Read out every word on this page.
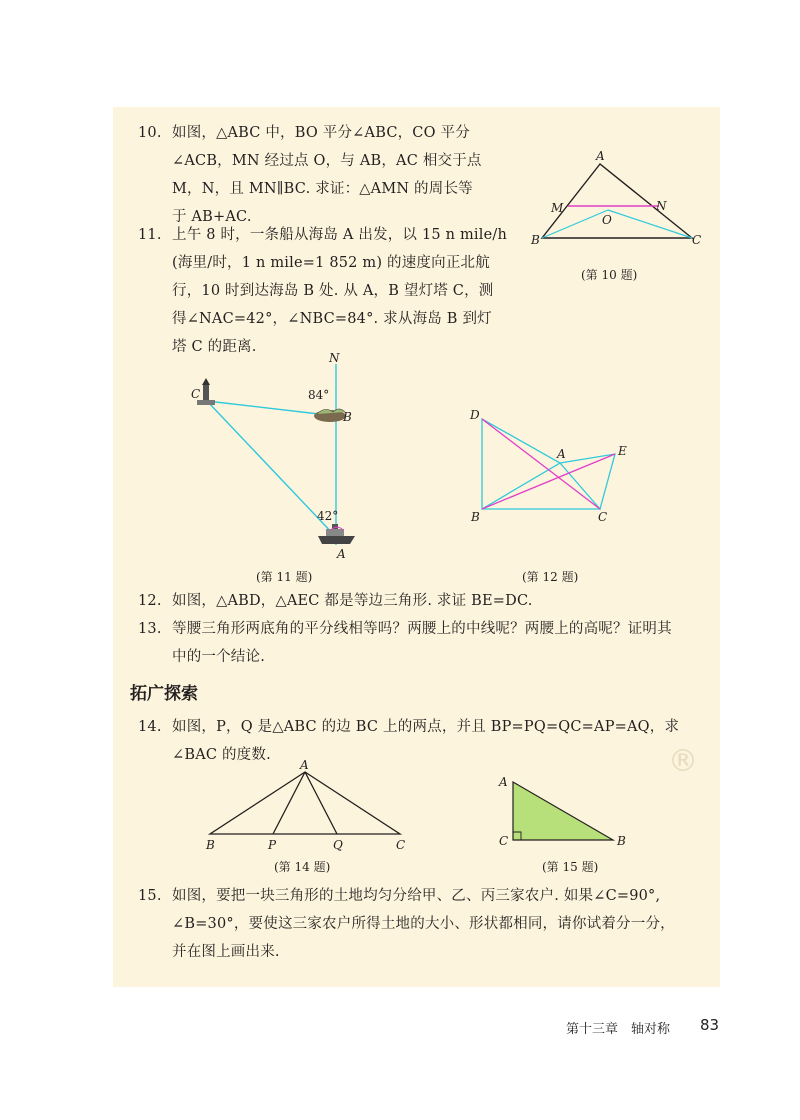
10. 如图，△ABC 中，BO 平分∠ABC，CO 平分
∠ACB，MN 经过点 O，与 AB，AC 相交于点
M，N，且 MN∥BC. 求证：△AMN 的周长等
于 AB+AC.
11. 上午 8 时，一条船从海岛 A 出发，以 15 n mile/h
(海里/时，1 n mile=1 852 m) 的速度向正北航
行，10 时到达海岛 B 处. 从 A，B 望灯塔 C，测
得∠NAC=42°，∠NBC=84°. 求从海岛 B 到灯
塔 C 的距离.
A
M	N
O
B	C
(第 10 题)
N
C	84°
B
42°
A
(第 11 题)
D
A	E
B	C
(第 12 题)
12. 如图，△ABD，△AEC 都是等边三角形. 求证 BE=DC.
13. 等腰三角形两底角的平分线相等吗？两腰上的中线呢？两腰上的高呢？证明其
中的一个结论.
拓广探索
14. 如图，P，Q 是△ABC 的边 BC 上的两点，并且 BP=PQ=QC=AP=AQ，求
∠BAC 的度数.	®
A
B	P	Q	C
(第 14 题)
A
C	B
(第 15 题)
15. 如图，要把一块三角形的土地均匀分给甲、乙、丙三家农户. 如果∠C=90°,
∠B=30°，要使这三家农户所得土地的大小、形状都相同，请你试着分一分，
并在图上画出来.
第十三章　轴对称 83
